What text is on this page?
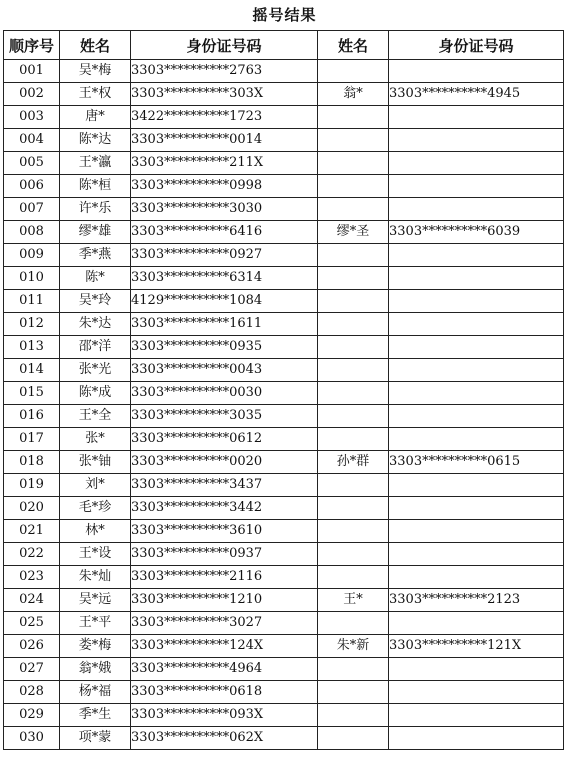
摇号结果
顺序号	姓名	身份证号码	姓名	身份证号码
001	吴*梅	3303**********2763		
002	王*权	3303**********303X	翁*	3303**********4945
003	唐*	3422**********1723		
004	陈*达	3303**********0014		
005	王*瀛	3303**********211X		
006	陈*桓	3303**********0998		
007	许*乐	3303**********3030		
008	缪*雄	3303**********6416	缪*圣	3303**********6039
009	季*燕	3303**********0927		
010	陈*	3303**********6314		
011	吴*玲	4129**********1084		
012	朱*达	3303**********1611		
013	邵*洋	3303**********0935		
014	张*光	3303**********0043		
015	陈*成	3303**********0030		
016	王*全	3303**********3035		
017	张*	3303**********0612		
018	张*铀	3303**********0020	孙*群	3303**********0615
019	刘*	3303**********3437		
020	毛*珍	3303**********3442		
021	林*	3303**********3610		
022	王*设	3303**********0937		
023	朱*灿	3303**********2116		
024	吴*远	3303**********1210	王*	3303**********2123
025	王*平	3303**********3027		
026	娄*梅	3303**********124X	朱*新	3303**********121X
027	翁*娥	3303**********4964		
028	杨*福	3303**********0618		
029	季*生	3303**********093X		
030	项*蒙	3303**********062X		
